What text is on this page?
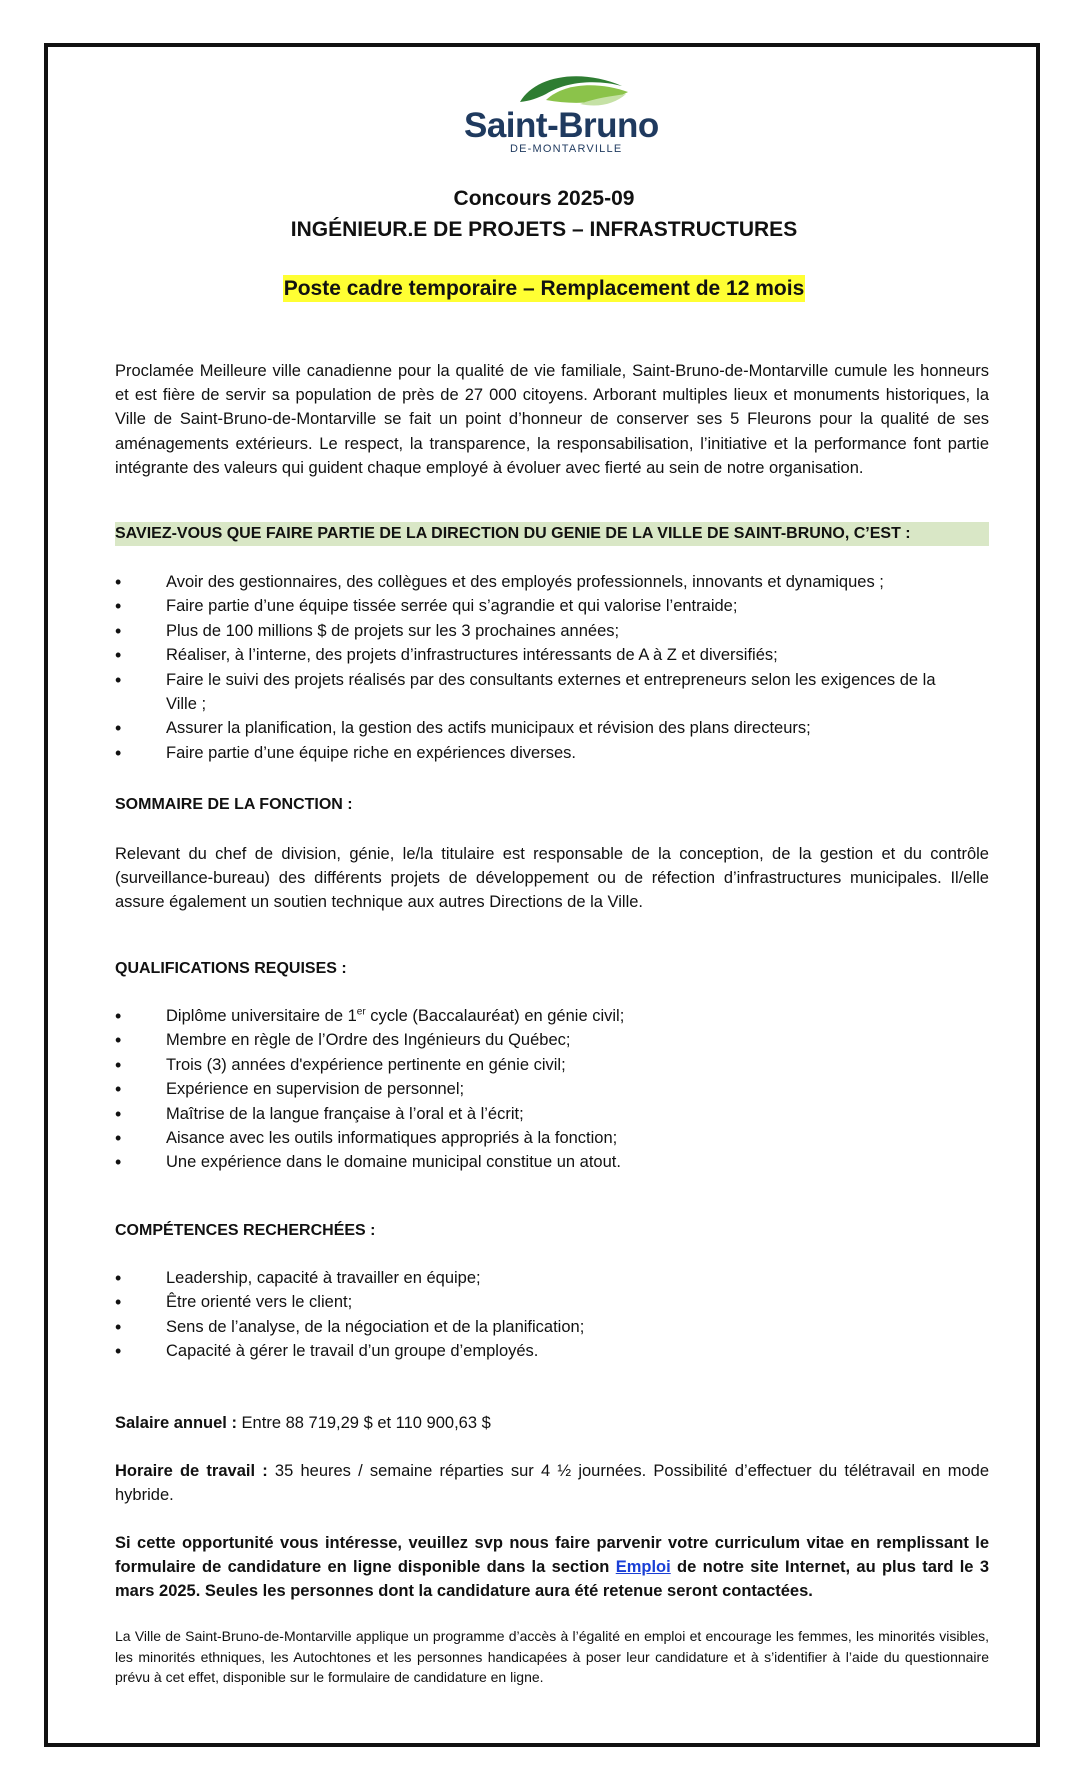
Saint-Bruno
DE-MONTARVILLE
Concours 2025-09
INGÉNIEUR.E DE PROJETS – INFRASTRUCTURES
Poste cadre temporaire – Remplacement de 12 mois

Proclamée Meilleure ville canadienne pour la qualité de vie familiale, Saint-Bruno-de-Montarville cumule les honneurs et est fière de servir sa population de près de 27 000 citoyens. Arborant multiples lieux et monuments historiques, la Ville de Saint-Bruno-de-Montarville se fait un point d’honneur de conserver ses 5 Fleurons pour la qualité de ses aménagements extérieurs. Le respect, la transparence, la responsabilisation, l’initiative et la performance font partie intégrante des valeurs qui guident chaque employé à évoluer avec fierté au sein de notre organisation.

SAVIEZ-VOUS QUE FAIRE PARTIE DE LA DIRECTION DU GENIE DE LA VILLE DE SAINT-BRUNO, C’EST :

• Avoir des gestionnaires, des collègues et des employés professionnels, innovants et dynamiques ;
• Faire partie d’une équipe tissée serrée qui s’agrandie et qui valorise l’entraide;
• Plus de 100 millions $ de projets sur les 3 prochaines années;
• Réaliser, à l’interne, des projets d’infrastructures intéressants de A à Z et diversifiés;
• Faire le suivi des projets réalisés par des consultants externes et entrepreneurs selon les exigences de la Ville ;
• Assurer la planification, la gestion des actifs municipaux et révision des plans directeurs;
• Faire partie d’une équipe riche en expériences diverses.

SOMMAIRE DE LA FONCTION :

Relevant du chef de division, génie, le/la titulaire est responsable de la conception, de la gestion et du contrôle (surveillance-bureau) des différents projets de développement ou de réfection d’infrastructures municipales. Il/elle assure également un soutien technique aux autres Directions de la Ville.

QUALIFICATIONS REQUISES :

• Diplôme universitaire de 1er cycle (Baccalauréat) en génie civil;
• Membre en règle de l’Ordre des Ingénieurs du Québec;
• Trois (3) années d'expérience pertinente en génie civil;
• Expérience en supervision de personnel;
• Maîtrise de la langue française à l’oral et à l’écrit;
• Aisance avec les outils informatiques appropriés à la fonction;
• Une expérience dans le domaine municipal constitue un atout.

COMPÉTENCES RECHERCHÉES :

• Leadership, capacité à travailler en équipe;
• Être orienté vers le client;
• Sens de l’analyse, de la négociation et de la planification;
• Capacité à gérer le travail d’un groupe d’employés.

Salaire annuel : Entre 88 719,29 $ et 110 900,63 $

Horaire de travail : 35 heures / semaine réparties sur 4 ½ journées. Possibilité d’effectuer du télétravail en mode hybride.

Si cette opportunité vous intéresse, veuillez svp nous faire parvenir votre curriculum vitae en remplissant le formulaire de candidature en ligne disponible dans la section Emploi de notre site Internet, au plus tard le 3 mars 2025. Seules les personnes dont la candidature aura été retenue seront contactées.

La Ville de Saint-Bruno-de-Montarville applique un programme d’accès à l’égalité en emploi et encourage les femmes, les minorités visibles, les minorités ethniques, les Autochtones et les personnes handicapées à poser leur candidature et à s’identifier à l’aide du questionnaire prévu à cet effet, disponible sur le formulaire de candidature en ligne.
